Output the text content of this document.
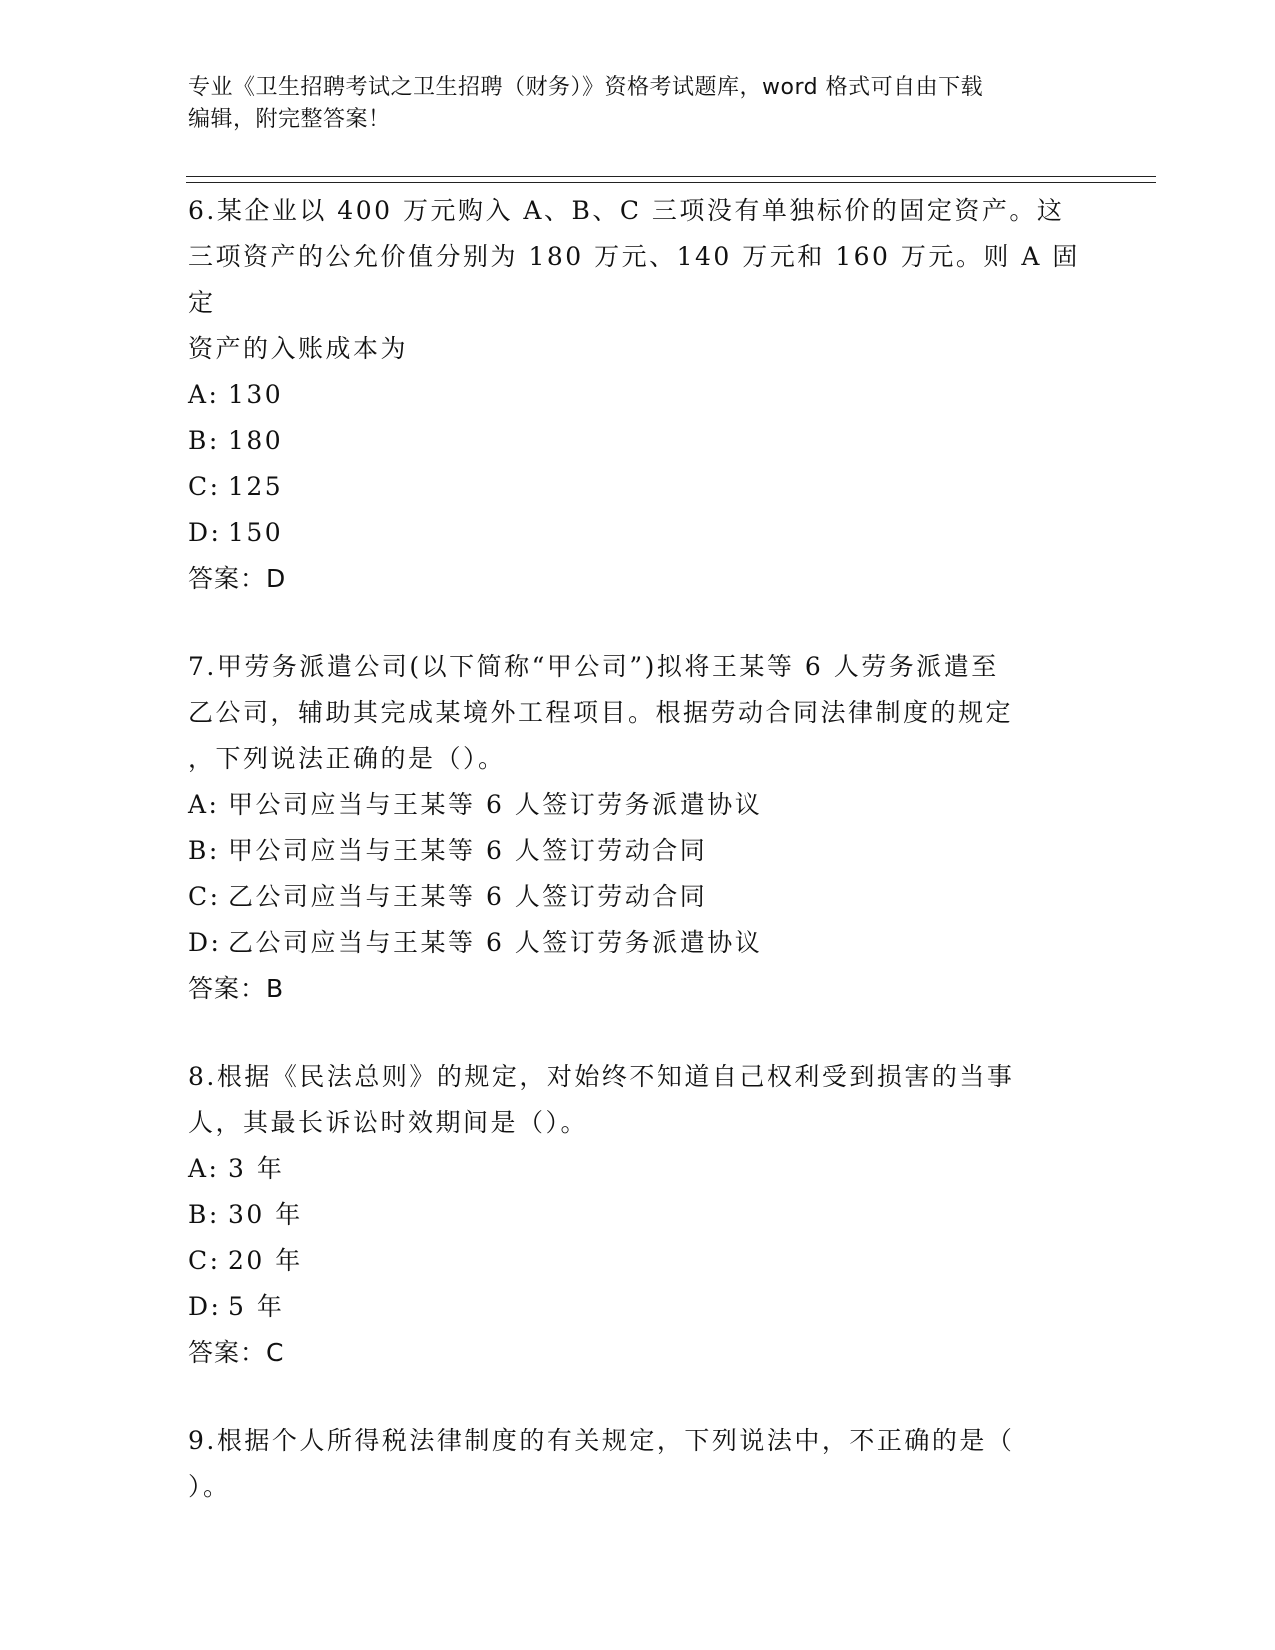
专业《卫生招聘考试之卫生招聘（财务）》资格考试题库，word 格式可自由下载
编辑，附完整答案！
6.某企业以 400 万元购入 A、B、C 三项没有单独标价的固定资产。这
三项资产的公允价值分别为 180 万元、140 万元和 160 万元。则 A 固定
资产的入账成本为
A: 130
B: 180
C: 125
D: 150
答案：D
7.甲劳务派遣公司(以下简称“甲公司”)拟将王某等 6 人劳务派遣至
乙公司，辅助其完成某境外工程项目。根据劳动合同法律制度的规定
，下列说法正确的是（）。
A: 甲公司应当与王某等 6 人签订劳务派遣协议
B: 甲公司应当与王某等 6 人签订劳动合同
C: 乙公司应当与王某等 6 人签订劳动合同
D: 乙公司应当与王某等 6 人签订劳务派遣协议
答案：B
8.根据《民法总则》的规定，对始终不知道自己权利受到损害的当事
人，其最长诉讼时效期间是（）。
A: 3 年
B: 30 年
C: 20 年
D: 5 年
答案：C
9.根据个人所得税法律制度的有关规定，下列说法中，不正确的是（
）。
